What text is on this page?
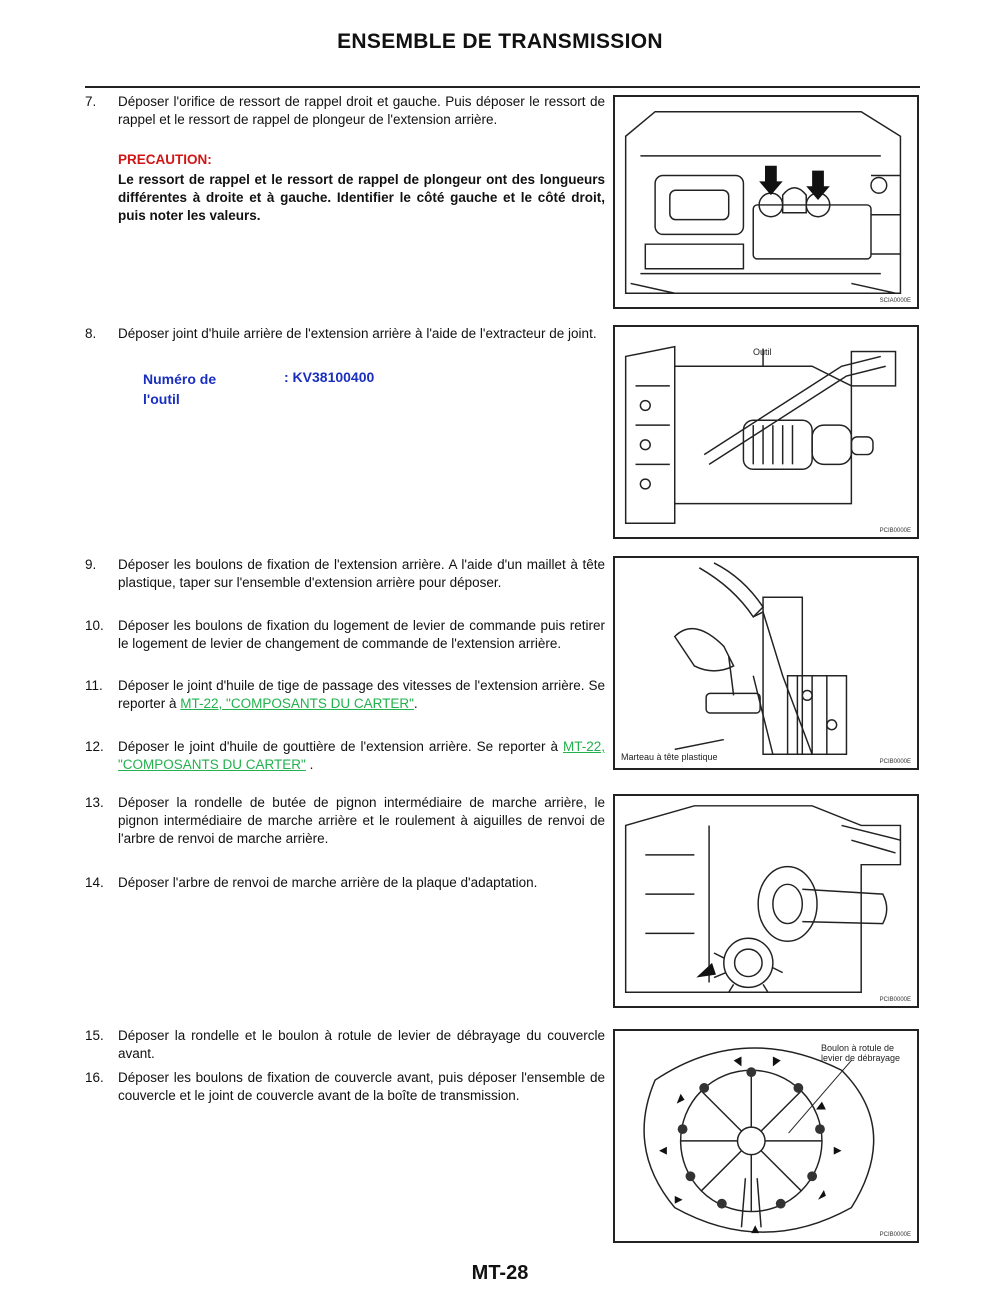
ENSEMBLE DE TRANSMISSION
7.	Déposer l'orifice de ressort de rappel droit et gauche. Puis déposer le ressort de rappel et le ressort de rappel de plongeur de l'extension arrière.
PRECAUTION:
Le ressort de rappel et le ressort de rappel de plongeur ont des longueurs différentes à droite et à gauche. Identifier le côté gauche et le côté droit, puis noter les valeurs.
8.	Déposer joint d'huile arrière de l'extension arrière à l'aide de l'extracteur de joint.
Numéro de l'outil
: KV38100400
9.	Déposer les boulons de fixation de l'extension arrière. A l'aide d'un maillet à tête plastique, taper sur l'ensemble d'extension arrière pour déposer.
10.	Déposer les boulons de fixation du logement de levier de commande puis retirer le logement de levier de changement de commande de l'extension arrière.
11.	Déposer le joint d'huile de tige de passage des vitesses de l'extension arrière. Se reporter à MT-22, "COMPOSANTS DU CARTER".
12.	Déposer le joint d'huile de gouttière de l'extension arrière. Se reporter à MT-22, "COMPOSANTS DU CARTER" .
13.	Déposer la rondelle de butée de pignon intermédiaire de marche arrière, le pignon intermédiaire de marche arrière et le roulement à aiguilles de renvoi de l'arbre de renvoi de marche arrière.
14.	Déposer l'arbre de renvoi de marche arrière de la plaque d'adaptation.
15.	Déposer la rondelle et le boulon à rotule de levier de débrayage du couvercle avant.
16.	Déposer les boulons de fixation de couvercle avant, puis déposer l'ensemble de couvercle et le joint de couvercle avant de la boîte de transmission.
SCIA0000E
Outil
PCIB0000E
Marteau à tête plastique	PCIB0000E
PCIB0000E
Boulon à rotule de levier de débrayage
PCIB0000E
MT-28
